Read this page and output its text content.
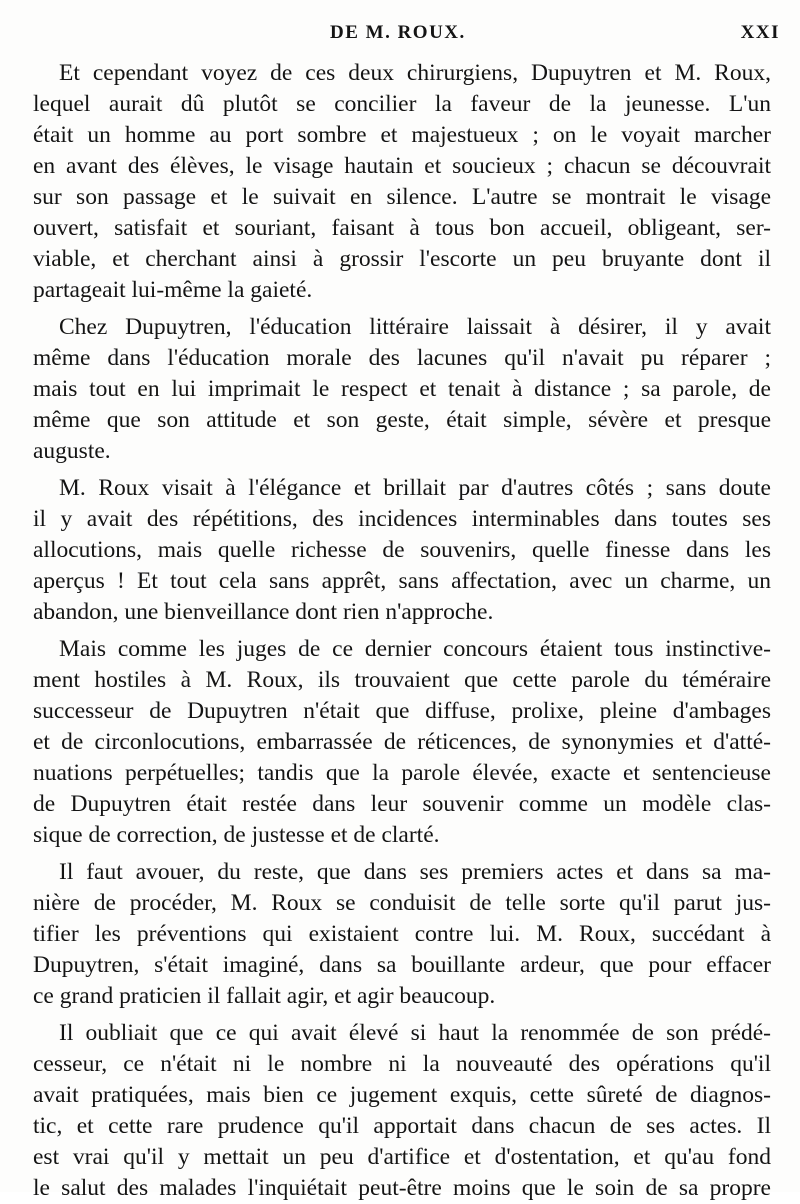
DE M. ROUX.	XXI
Et cependant voyez de ces deux chirurgiens, Dupuytren et M. Roux,
lequel aurait dû plutôt se concilier la faveur de la jeunesse. L'un
était un homme au port sombre et majestueux ; on le voyait marcher
en avant des élèves, le visage hautain et soucieux ; chacun se découvrait
sur son passage et le suivait en silence. L'autre se montrait le visage
ouvert, satisfait et souriant, faisant à tous bon accueil, obligeant, ser-
viable, et cherchant ainsi à grossir l'escorte un peu bruyante dont il
partageait lui-même la gaieté.
Chez Dupuytren, l'éducation littéraire laissait à désirer, il y avait
même dans l'éducation morale des lacunes qu'il n'avait pu réparer ;
mais tout en lui imprimait le respect et tenait à distance ; sa parole, de
même que son attitude et son geste, était simple, sévère et presque
auguste.
M. Roux visait à l'élégance et brillait par d'autres côtés ; sans doute
il y avait des répétitions, des incidences interminables dans toutes ses
allocutions, mais quelle richesse de souvenirs, quelle finesse dans les
aperçus ! Et tout cela sans apprêt, sans affectation, avec un charme, un
abandon, une bienveillance dont rien n'approche.
Mais comme les juges de ce dernier concours étaient tous instinctive-
ment hostiles à M. Roux, ils trouvaient que cette parole du téméraire
successeur de Dupuytren n'était que diffuse, prolixe, pleine d'ambages
et de circonlocutions, embarrassée de réticences, de synonymies et d'atté-
nuations perpétuelles; tandis que la parole élevée, exacte et sentencieuse
de Dupuytren était restée dans leur souvenir comme un modèle clas-
sique de correction, de justesse et de clarté.
Il faut avouer, du reste, que dans ses premiers actes et dans sa ma-
nière de procéder, M. Roux se conduisit de telle sorte qu'il parut jus-
tifier les préventions qui existaient contre lui. M. Roux, succédant à
Dupuytren, s'était imaginé, dans sa bouillante ardeur, que pour effacer
ce grand praticien il fallait agir, et agir beaucoup.
Il oubliait que ce qui avait élevé si haut la renommée de son prédé-
cesseur, ce n'était ni le nombre ni la nouveauté des opérations qu'il
avait pratiquées, mais bien ce jugement exquis, cette sûreté de diagnos-
tic, et cette rare prudence qu'il apportait dans chacun de ses actes. Il
est vrai qu'il y mettait un peu d'artifice et d'ostentation, et qu'au fond
le salut des malades l'inquiétait peut-être moins que le soin de sa propre
